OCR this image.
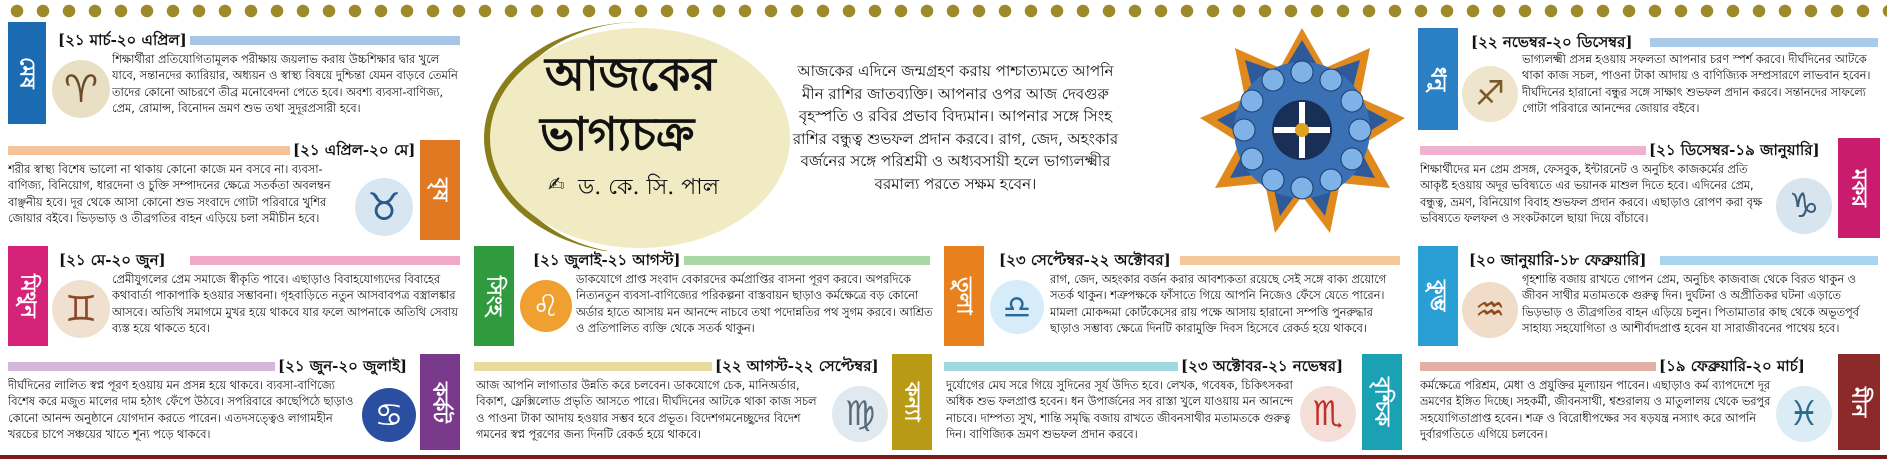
আজকের
ভাগ্যচক্র
✍ ড. কে. সি. পাল
আজকের এদিনে জন্মগ্রহণ করায় পাশ্চাত্যমতে আপনি মীন রাশির জাতব্যক্তি। আপনার ওপর আজ দেবগুরু বৃহস্পতি ও রবির প্রভাব বিদ্যমান। আপনার সঙ্গে সিংহ রাশির বন্ধুত্ব শুভফল প্রদান করবে। রাগ, জেদ, অহংকার বর্জনের সঙ্গে পরিশ্রমী ও অধ্যবসায়ী হলে ভাগ্যলক্ষ্মীর বরমাল্য পরতে সক্ষম হবেন।
মেষ
[২১ মার্চ-২০ এপ্রিল]
♈
শিক্ষার্থীরা প্রতিযোগিতামূলক পরীক্ষায় জয়লাভ করায় উচ্চশিক্ষার দ্বার খুলে যাবে, সন্তানদের ক্যারিয়ার, অধ্যয়ন ও স্বাস্থ্য বিষয়ে দুশ্চিন্তা যেমন বাড়বে তেমনি তাদের কোনো আচরণে তীব্র মনোবেদনা পেতে হবে। অবশ্য ব্যবসা-বাণিজ্য, প্রেম, রোমান্স, বিনোদন ভ্রমণ শুভ তথা সুদূরপ্রসারী হবে।
বৃষ
[২১ এপ্রিল-২০ মে]
♉
শরীর স্বাস্থ্য বিশেষ ভালো না থাকায় কোনো কাজে মন বসবে না। ব্যবসা-বাণিজ্য, বিনিয়োগ, ধারদেনা ও চুক্তি সম্পাদনের ক্ষেত্রে সতর্কতা অবলম্বন বাঞ্ছনীয় হবে। দূর থেকে আসা কোনো শুভ সংবাদে গোটা পরিবারে খুশির জোয়ার বইবে। ভিড়ভাড় ও তীব্রগতির বাহন এড়িয়ে চলা সমীচীন হবে।
মিথুন
[২১ মে-২০ জুন]
♊
প্রেমীযুগলের প্রেম সমাজে স্বীকৃতি পাবে। এছাড়াও বিবাহযোগ্যদের বিবাহের কথাবার্তা পাকাপাকি হওয়ার সম্ভাবনা। গৃহবাড়িতে নতুন আসবাবপত্র বস্ত্রালঙ্কার আসবে। অতিথি সমাগমে মুখর হয়ে থাকবে যার ফলে আপনাকে অতিথি সেবায় ব্যস্ত হয়ে থাকতে হবে।
কর্কট
[২১ জুন-২০ জুলাই]
♋
দীর্ঘদিনের লালিত স্বপ্ন পূরণ হওয়ায় মন প্রসন্ন হয়ে থাকবে। ব্যবসা-বাণিজ্যে বিশেষ করে মজুত মালের দাম হঠাৎ ফেঁপে উঠবে। সপরিবারে কাছেপিঠে ছাড়াও কোনো আনন্দ অনুষ্ঠানে যোগদান করতে পারেন। এতদসত্ত্বেও লাগামহীন খরচের চাপে সঞ্চয়ের খাতে শূন্য পড়ে থাকবে।
সিংহ
[২১ জুলাই-২১ আগস্ট]
♌
ডাকযোগে প্রাপ্ত সংবাদ বেকারদের কর্মপ্রাপ্তির বাসনা পূরণ করবে। অপরদিকে নিত্যনতুন ব্যবসা-বাণিজ্যের পরিকল্পনা বাস্তবায়ন ছাড়াও কর্মক্ষেত্রে বড় কোনো অর্ডার হাতে আসায় মন আনন্দে নাচবে তথা পদোন্নতির পথ সুগম করবে। আশ্রিত ও প্রতিপালিত ব্যক্তি থেকে সতর্ক থাকুন।
কন্যা
[২২ আগস্ট-২২ সেপ্টেম্বর]
♍
আজ আপনি লাগাতার উন্নতি করে চলবেন। ডাকযোগে চেক, মানিঅর্ডার, বিকাশ, ফ্লেক্সিলোড প্রভৃতি আসতে পারে। দীর্ঘদিনের আটকে থাকা কাজ সচল ও পাওনা টাকা আদায় হওয়ার সম্ভব হবে প্রভূত। বিদেশগমনেচ্ছুদের বিদেশ গমনের স্বপ্ন পূরণের জন্য দিনটি রেকর্ড হয়ে থাকবে।
তুলা
[২৩ সেপ্টেম্বর-২২ অক্টোবর]
♎
রাগ, জেদ, অহংকার বর্জন করার আবশ্যকতা রয়েছে সেই সঙ্গে বাক্য প্রয়োগে সতর্ক থাকুন। শত্রুপক্ষকে ফাঁসাতে গিয়ে আপনি নিজেও ফেঁসে যেতে পারেন। মামলা মোকদ্দমা কোর্টকেসের রায় পক্ষে আসায় হারানো সম্পত্তি পুনরুদ্ধার ছাড়াও সম্ভাব্য ক্ষেত্রে দিনটি কারামুক্তি দিবস হিসেবে রেকর্ড হয়ে থাকবে।
বৃশ্চিক
[২৩ অক্টোবর-২১ নভেম্বর]
♏
দুর্যোগের মেঘ সরে গিয়ে সুদিনের সূর্য উদিত হবে। লেখক, গবেষক, চিকিৎসকরা অধিক শুভ ফলপ্রাপ্ত হবেন। ধন উপার্জনের সব রাস্তা খুলে যাওয়ায় মন আনন্দে নাচবে। দাম্পত্য সুখ, শান্তি সমৃদ্ধি বজায় রাখতে জীবনসাথীর মতামতকে গুরুত্ব দিন। বাণিজ্যিক ভ্রমণ শুভফল প্রদান করবে।
ধনু
[২২ নভেম্বর-২০ ডিসেম্বর]
♐
ভাগ্যলক্ষ্মী প্রসন্ন হওয়ায় সফলতা আপনার চরণ স্পর্শ করবে। দীর্ঘদিনের আটকে থাকা কাজ সচল, পাওনা টাকা আদায় ও বাণিজ্যিক সম্প্রসারণে লাভবান হবেন। দীর্ঘদিনের হারানো বন্ধুর সঙ্গে সাক্ষাৎ শুভফল প্রদান করবে। সন্তানদের সাফল্যে গোটা পরিবারে আনন্দের জোয়ার বইবে।
মকর
[২১ ডিসেম্বর-১৯ জানুয়ারি]
♑
শিক্ষার্থীদের মন প্রেম প্রসঙ্গ, ফেসবুক, ইন্টারনেট ও অনুচিৎ কাজকর্মের প্রতি আকৃষ্ট হওয়ায় অদূর ভবিষ্যতে এর ভয়ানক মাশুল দিতে হবে। এদিনের প্রেম, বন্ধুত্ব, ভ্রমণ, বিনিয়োগ বিবাহ শুভফল প্রদান করবে। এছাড়াও রোপণ করা বৃক্ষ ভবিষ্যতে ফলফল ও সংকটকালে ছায়া দিয়ে বাঁচাবে।
কুম্ভ
[২০ জানুয়ারি-১৮ ফেব্রুয়ারি]
♒
গৃহশান্তি বজায় রাখতে গোপন প্রেম, অনুচিৎ কাজবাজ থেকে বিরত থাকুন ও জীবন সাথীর মতামতকে গুরুত্ব দিন। দুর্ঘটনা ও অপ্রীতিকর ঘটনা এড়াতে ভিড়ভাড় ও তীব্রগতির বাহন এড়িয়ে চলুন। পিতামাতার কাছ থেকে অভূতপূর্ব সাহায্য সহযোগিতা ও আশীর্বাদপ্রাপ্ত হবেন যা সারাজীবনের পাথেয় হবে।
মীন
[১৯ ফেব্রুয়ারি-২০ মার্চ]
♓
কর্মক্ষেত্রে পরিশ্রম, মেধা ও প্রযুক্তির মূল্যায়ন পাবেন। এছাড়াও কর্ম ব্যাপদেশে দূর ভ্রমণের ইঙ্গিত দিচ্ছে। সহকর্মী, জীবনসাথী, শ্বশুরালয় ও মাতুলালয় থেকে ভরপুর সহযোগিতাপ্রাপ্ত হবেন। শত্রু ও বিরোধীপক্ষের সব ষড়যন্ত্র নস্যাৎ করে আপনি দুর্বারগতিতে এগিয়ে চলবেন।
